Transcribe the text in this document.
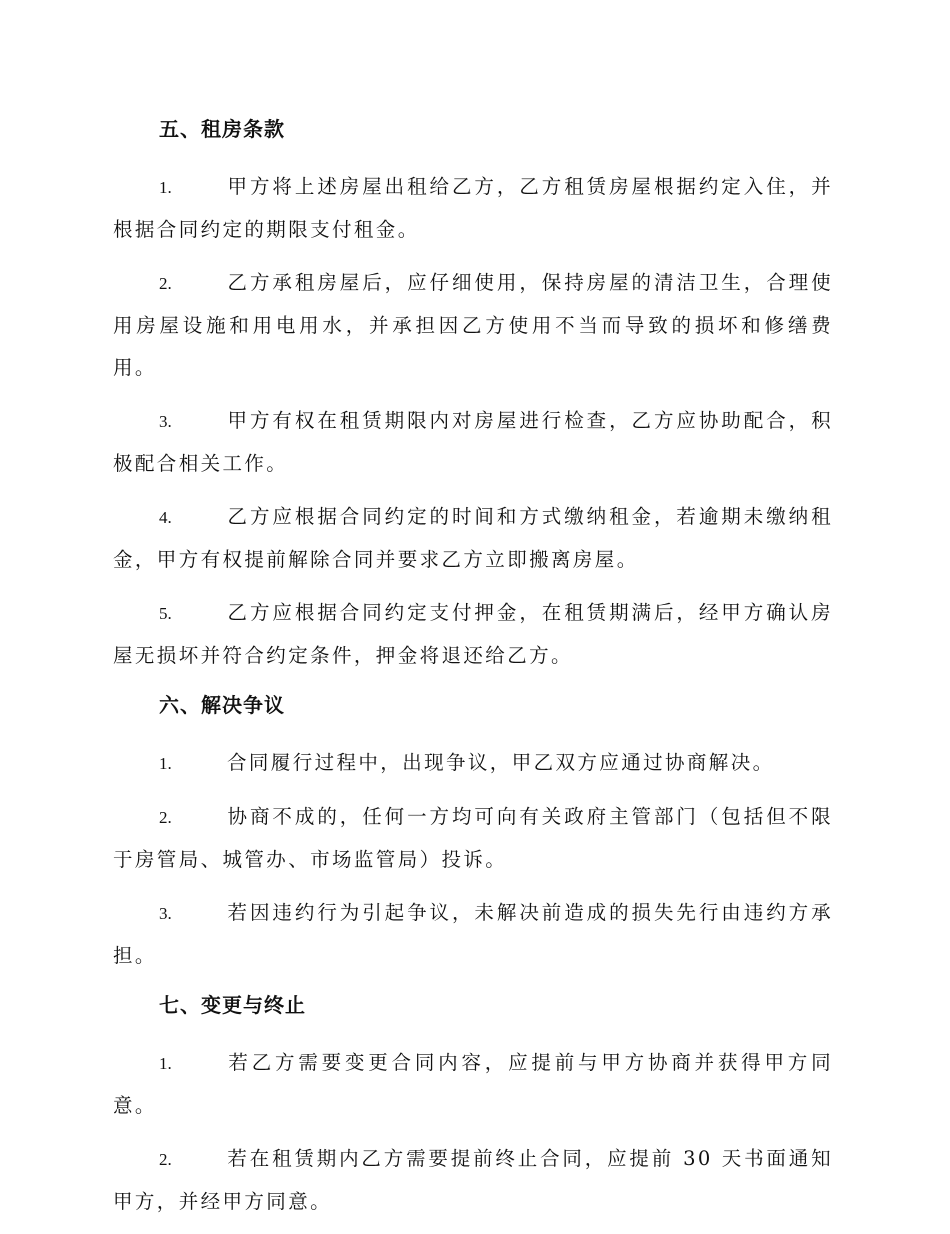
五、租房条款

1.	甲方将上述房屋出租给乙方，乙方租赁房屋根据约定入住，并根据合同约定的期限支付租金。

2.	乙方承租房屋后，应仔细使用，保持房屋的清洁卫生，合理使用房屋设施和用电用水，并承担因乙方使用不当而导致的损坏和修缮费用。

3.	甲方有权在租赁期限内对房屋进行检查，乙方应协助配合，积极配合相关工作。

4.	乙方应根据合同约定的时间和方式缴纳租金，若逾期未缴纳租金，甲方有权提前解除合同并要求乙方立即搬离房屋。

5.	乙方应根据合同约定支付押金，在租赁期满后，经甲方确认房屋无损坏并符合约定条件，押金将退还给乙方。

六、解决争议

1.	合同履行过程中，出现争议，甲乙双方应通过协商解决。

2.	协商不成的，任何一方均可向有关政府主管部门（包括但不限于房管局、城管办、市场监管局）投诉。

3.	若因违约行为引起争议，未解决前造成的损失先行由违约方承担。

七、变更与终止

1.	若乙方需要变更合同内容，应提前与甲方协商并获得甲方同意。

2.	若在租赁期内乙方需要提前终止合同，应提前 30 天书面通知甲方，并经甲方同意。
